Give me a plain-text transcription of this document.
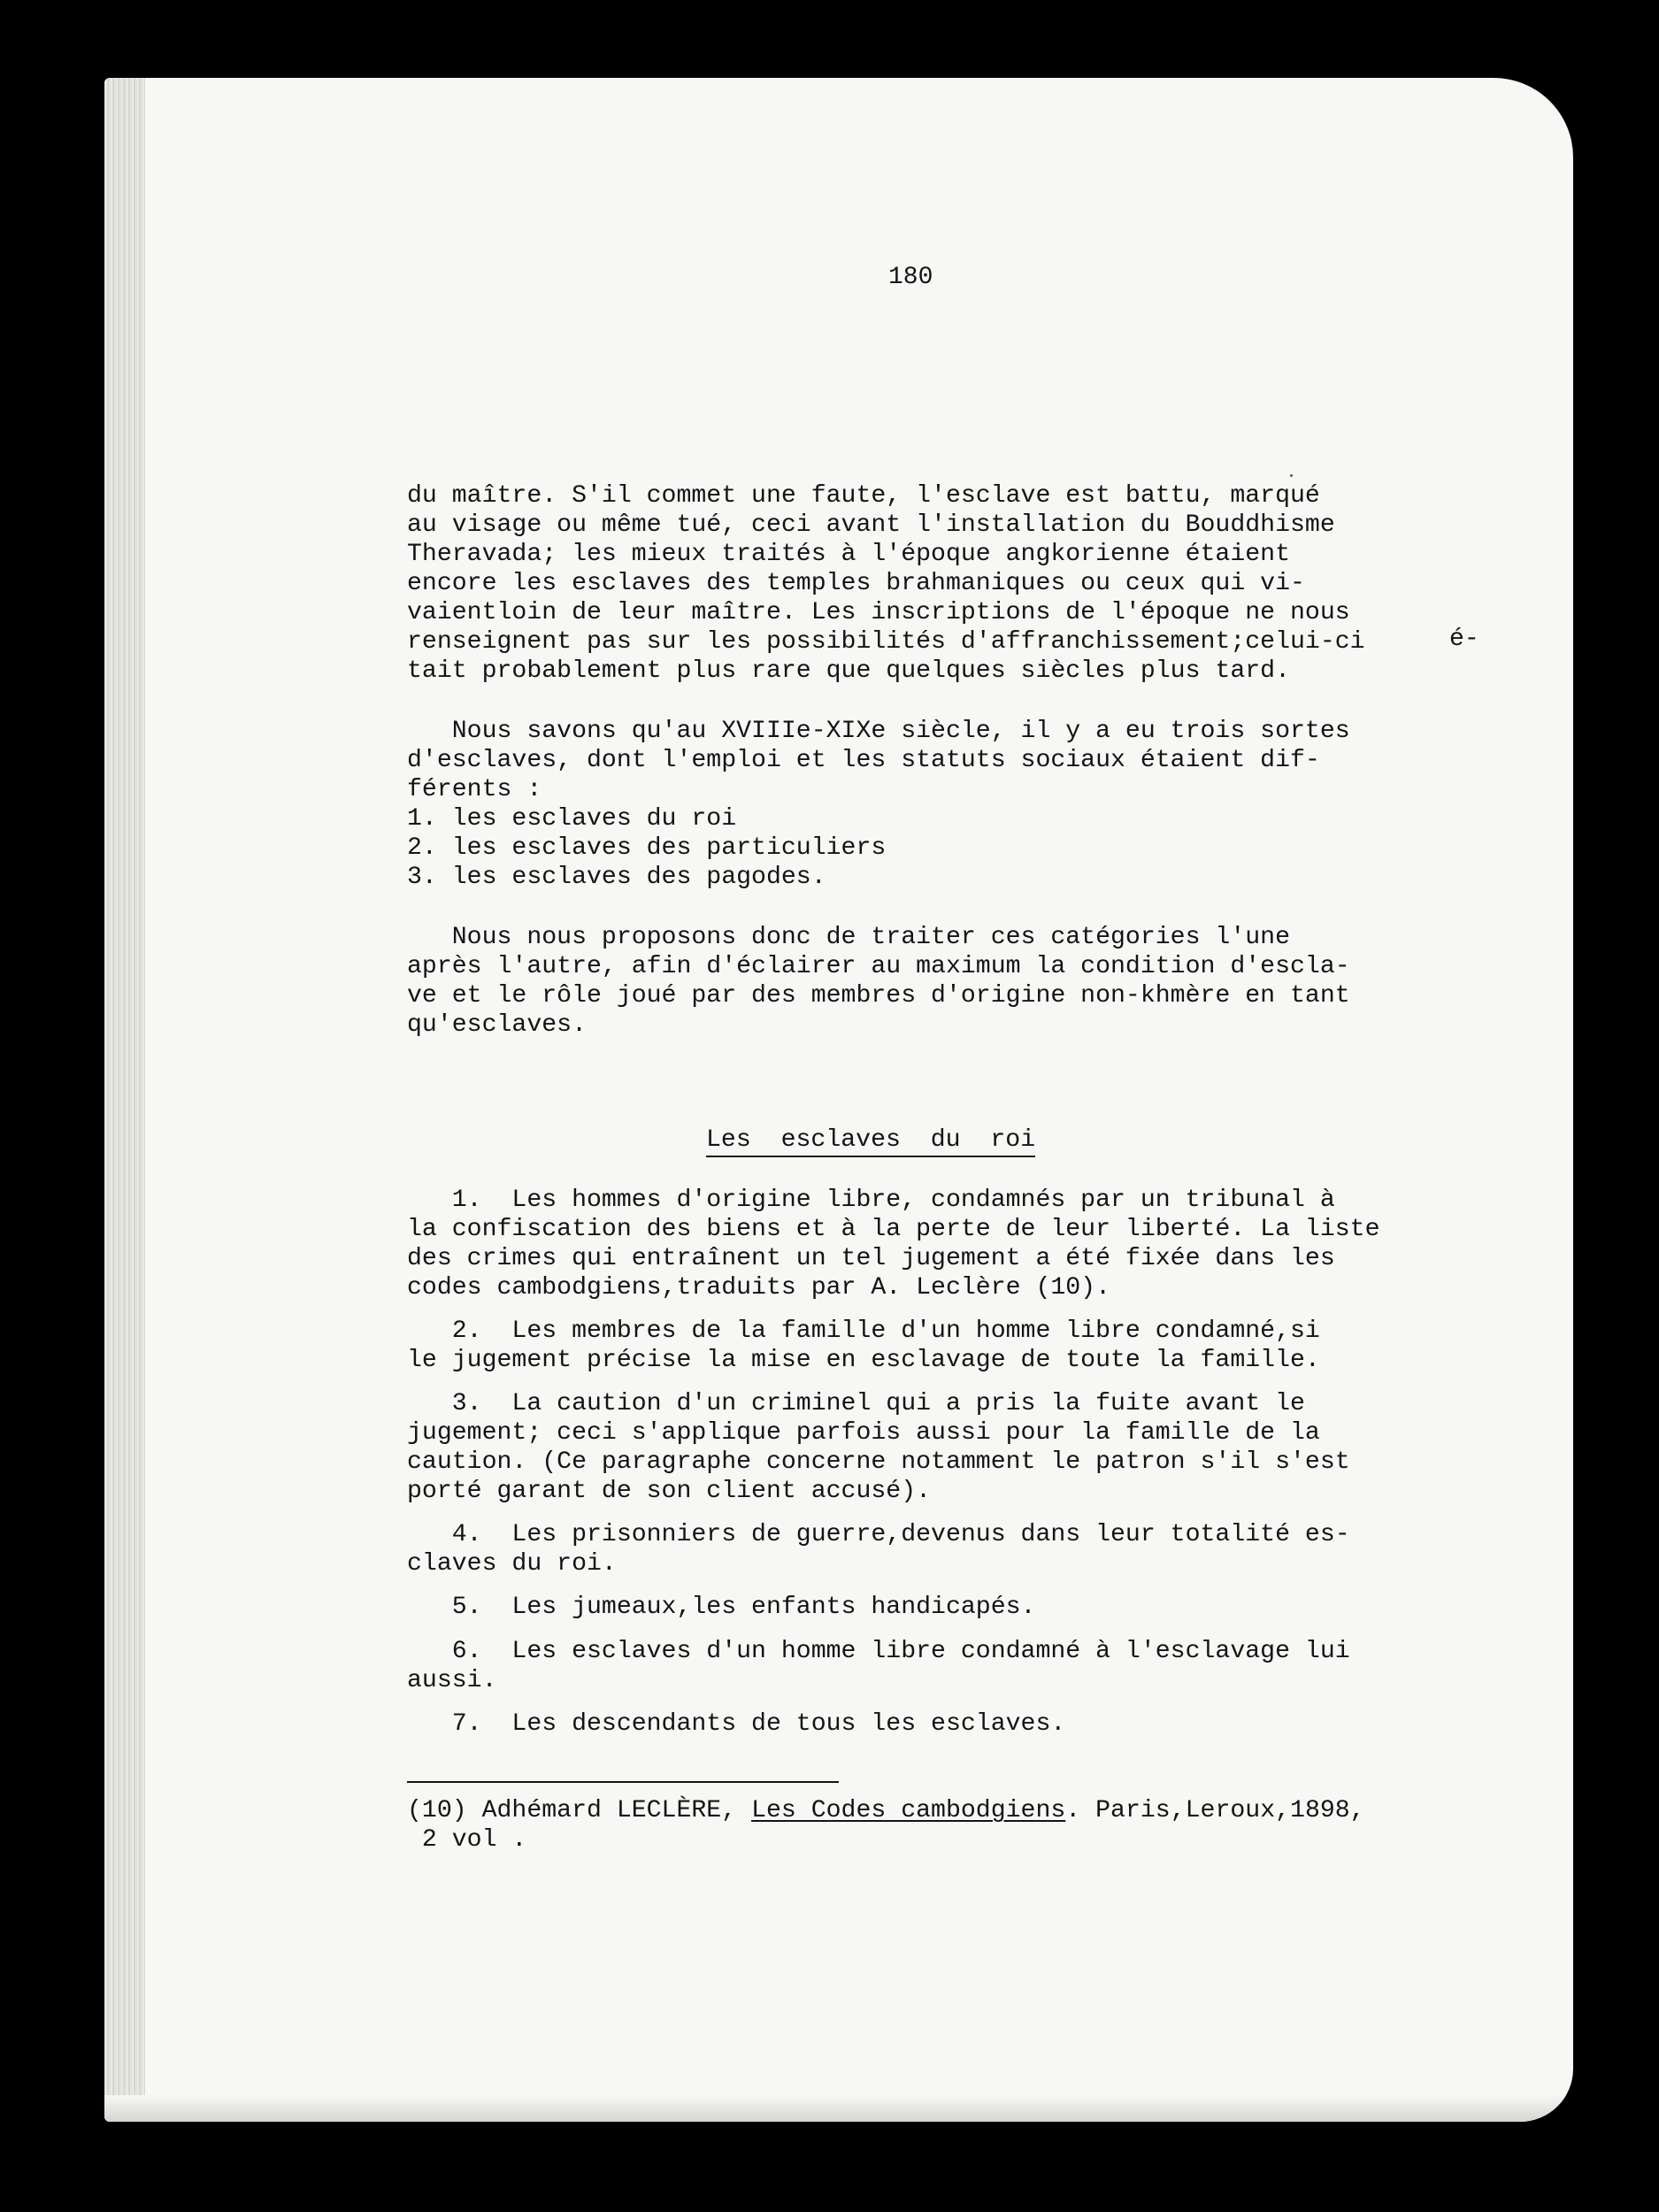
180
du maître. S'il commet une faute, l'esclave est battu, marqué
au visage ou même tué, ceci avant l'installation du Bouddhisme
Theravada; les mieux traités à l'époque angkorienne étaient
encore les esclaves des temples brahmaniques ou ceux qui vi-
vaientloin de leur maître. Les inscriptions de l'époque ne nous
renseignent pas sur les possibilités d'affranchissement;celui-ci
tait probablement plus rare que quelques siècles plus tard.
é-
Nous savons qu'au XVIIIe-XIXe siècle, il y a eu trois sortes
d'esclaves, dont l'emploi et les statuts sociaux étaient dif-
férents :
1. les esclaves du roi
2. les esclaves des particuliers
3. les esclaves des pagodes.
Nous nous proposons donc de traiter ces catégories l'une
après l'autre, afin d'éclairer au maximum la condition d'escla-
ve et le rôle joué par des membres d'origine non-khmère en tant
qu'esclaves.
Les  esclaves  du  roi
1.  Les hommes d'origine libre, condamnés par un tribunal à
la confiscation des biens et à la perte de leur liberté. La liste
des crimes qui entraînent un tel jugement a été fixée dans les
codes cambodgiens,traduits par A. Leclère (10).
2.  Les membres de la famille d'un homme libre condamné,si
le jugement précise la mise en esclavage de toute la famille.
3.  La caution d'un criminel qui a pris la fuite avant le
jugement; ceci s'applique parfois aussi pour la famille de la
caution. (Ce paragraphe concerne notamment le patron s'il s'est
porté garant de son client accusé).
4.  Les prisonniers de guerre,devenus dans leur totalité es-
claves du roi.
5.  Les jumeaux,les enfants handicapés.
6.  Les esclaves d'un homme libre condamné à l'esclavage lui
aussi.
7.  Les descendants de tous les esclaves.
(10) Adhémard LECLÈRE, Les Codes cambodgiens. Paris,Leroux,1898,
2 vol .
